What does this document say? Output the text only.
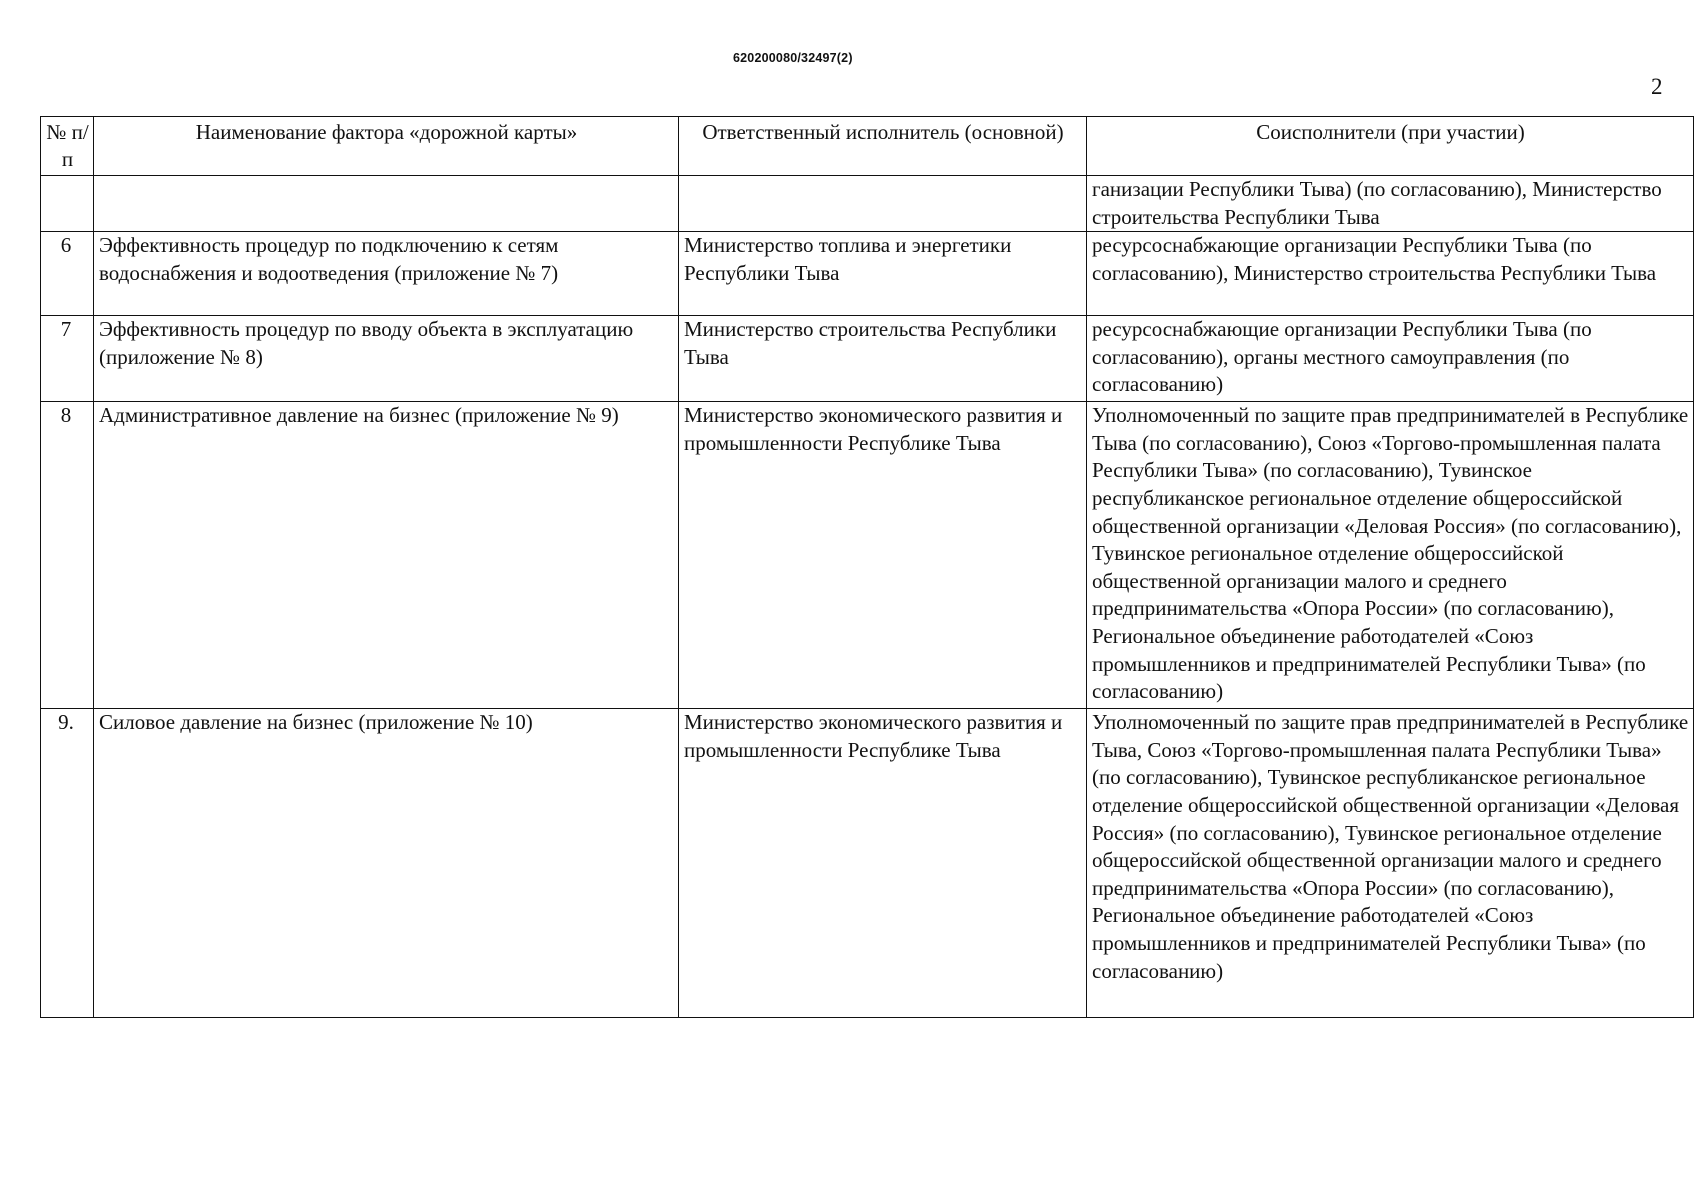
620200080/32497(2)
2
№ п/п	Наименование фактора «дорожной карты»	Ответственный исполнитель (основной)	Соисполнители (при участии)
			ганизации Республики Тыва) (по согласованию), Министерство строительства Республики Тыва
6	Эффективность процедур по подключению к сетям водоснабжения и водоотведения (приложение № 7)	Министерство топлива и энергетики Республики Тыва	ресурсоснабжающие организации Республики Тыва (по согласованию), Министерство строительства Республики Тыва
7	Эффективность процедур по вводу объекта в эксплуатацию (приложение № 8)	Министерство строительства Республики Тыва	ресурсоснабжающие организации Республики Тыва (по согласованию), органы местного самоуправления (по согласованию)
8	Административное давление на бизнес (приложение № 9)	Министерство экономического развития и промышленности Республике Тыва	Уполномоченный по защите прав предпринимателей в Республике Тыва (по согласованию), Союз «Торгово-промышленная палата Республики Тыва» (по согласованию), Тувинское республиканское региональное отделение общероссийской общественной организации «Деловая Россия» (по согласованию), Тувинское региональное отделение общероссийской общественной организации малого и среднего предпринимательства «Опора России» (по согласованию), Региональное объединение работодателей «Союз промышленников и предпринимателей Республики Тыва» (по согласованию)
9.	Силовое давление на бизнес (приложение № 10)	Министерство экономического развития и промышленности Республике Тыва	Уполномоченный по защите прав предпринимателей в Республике Тыва, Союз «Торгово-промышленная палата Республики Тыва» (по согласованию), Тувинское республиканское региональное отделение общероссийской общественной организации «Деловая Россия» (по согласованию), Тувинское региональное отделение общероссийской общественной организации малого и среднего предпринимательства «Опора России» (по согласованию), Региональное объединение работодателей «Союз промышленников и предпринимателей Республики Тыва» (по согласованию)
